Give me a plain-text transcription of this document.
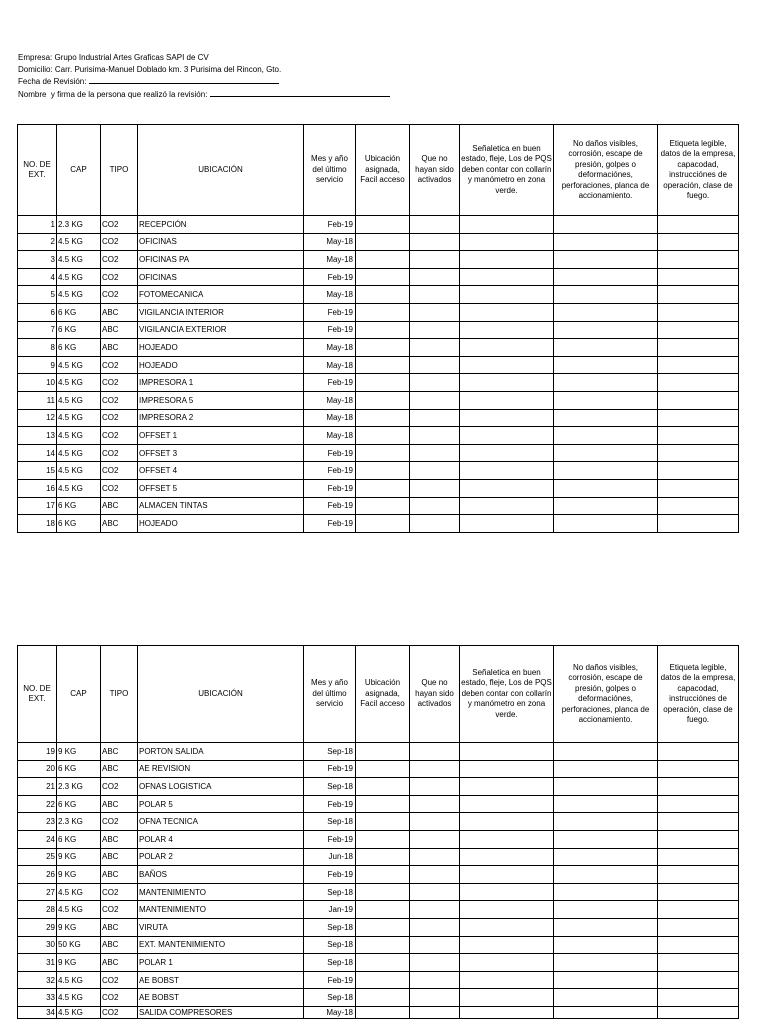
Empresa: Grupo Industrial Artes Graficas SAPI de CV
Domicilio: Carr. Purisima-Manuel Doblado km. 3 Purisima del Rincon, Gto.
Fecha de Revisión:
Nombre  y firma de la persona que realizó la revisión:
NO. DE EXT.	CAP	TIPO	UBICACIÓN	Mes y año del último servicio	Ubicación asignada, Facil acceso	Que no hayan sido activados	Señaletica en buen estado, fleje, Los de PQS deben contar con collarín y manómetro en zona verde.	No daños visibles, corrosión, escape de presión, golpes o deformaciónes, perforaciones, planca de accionamiento.	Etiqueta legible, datos de la empresa, capacodad, instrucciónes de operación, clase de fuego.
1	2.3 KG	CO2	RECEPCIÓN	Feb-19					
2	4.5 KG	CO2	OFICINAS	May-18					
3	4.5 KG	CO2	OFICINAS PA	May-18					
4	4.5 KG	CO2	OFICINAS	Feb-19					
5	4.5 KG	CO2	FOTOMECANICA	May-18					
6	6 KG	ABC	VIGILANCIA INTERIOR	Feb-19					
7	6 KG	ABC	VIGILANCIA EXTERIOR	Feb-19					
8	6 KG	ABC	HOJEADO	May-18					
9	4.5 KG	CO2	HOJEADO	May-18					
10	4.5 KG	CO2	IMPRESORA 1	Feb-19					
11	4.5 KG	CO2	IMPRESORA 5	May-18					
12	4.5 KG	CO2	IMPRESORA 2	May-18					
13	4.5 KG	CO2	OFFSET 1	May-18					
14	4.5 KG	CO2	OFFSET 3	Feb-19					
15	4.5 KG	CO2	OFFSET 4	Feb-19					
16	4.5 KG	CO2	OFFSET 5	Feb-19					
17	6 KG	ABC	ALMACEN TINTAS	Feb-19					
18	6 KG	ABC	HOJEADO	Feb-19					
NO. DE EXT.	CAP	TIPO	UBICACIÓN	Mes y año del último servicio	Ubicación asignada, Facil acceso	Que no hayan sido activados	Señaletica en buen estado, fleje, Los de PQS deben contar con collarín y manómetro en zona verde.	No daños visibles, corrosión, escape de presión, golpes o deformaciónes, perforaciones, planca de accionamiento.	Etiqueta legible, datos de la empresa, capacodad, instrucciónes de operación, clase de fuego.
19	9 KG	ABC	PORTON SALIDA	Sep-18					
20	6 KG	ABC	AE REVISION	Feb-19					
21	2.3 KG	CO2	OFNAS LOGISTICA	Sep-18					
22	6 KG	ABC	POLAR 5	Feb-19					
23	2.3 KG	CO2	OFNA TECNICA	Sep-18					
24	6 KG	ABC	POLAR 4	Feb-19					
25	9 KG	ABC	POLAR 2	Jun-18					
26	9 KG	ABC	BAÑOS	Feb-19					
27	4.5 KG	CO2	MANTENIMIENTO	Sep-18					
28	4.5 KG	CO2	MANTENIMIENTO	Jan-19					
29	9 KG	ABC	VIRUTA	Sep-18					
30	50 KG	ABC	EXT. MANTENIMIENTO	Sep-18					
31	9 KG	ABC	POLAR 1	Sep-18					
32	4.5 KG	CO2	AE BOBST	Feb-19					
33	4.5 KG	CO2	AE BOBST	Sep-18					
34	4.5 KG	CO2	SALIDA COMPRESORES	May-18					
